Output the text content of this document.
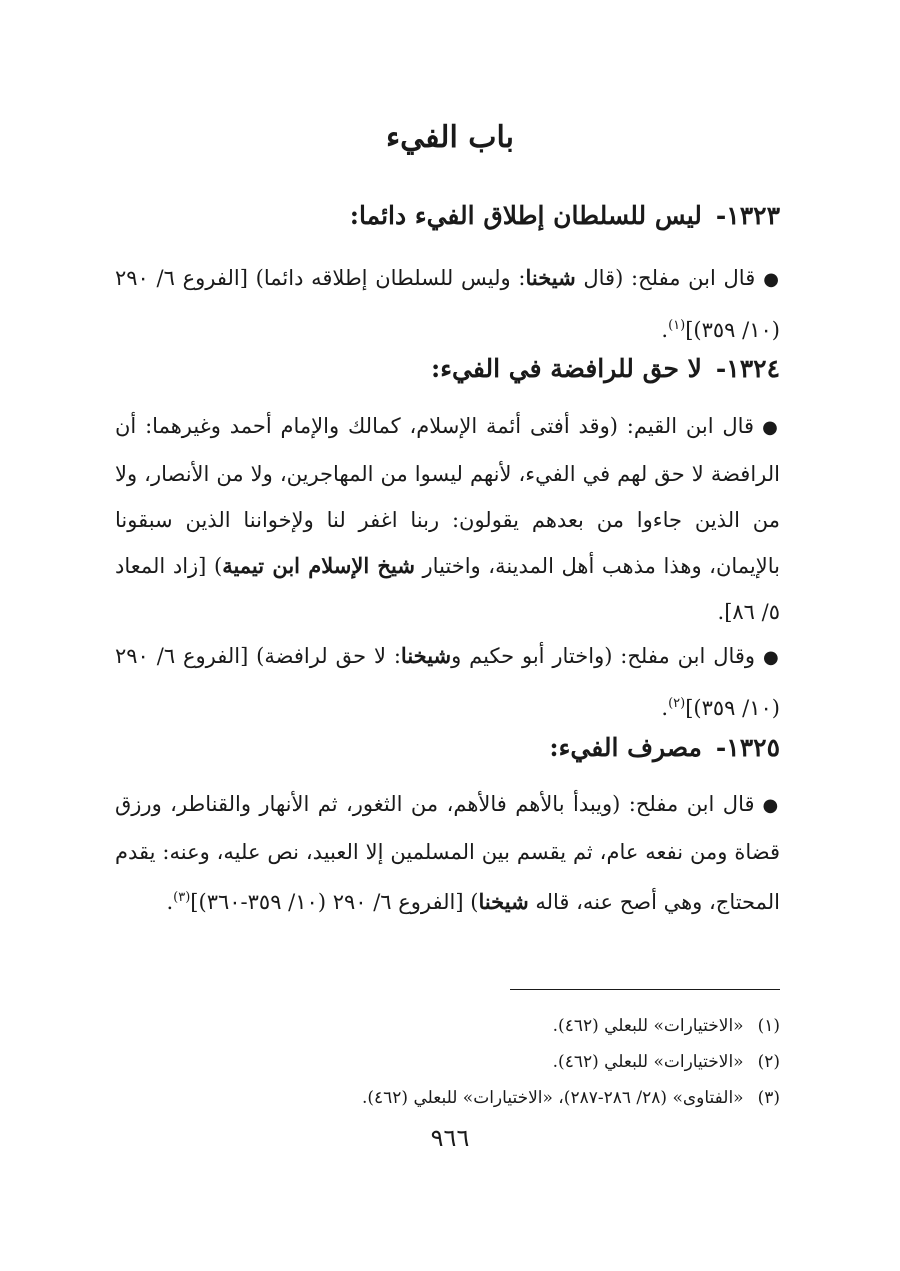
باب الفيء
١٣٢٣-ليس للسلطان إطلاق الفيء دائما:
●قال ابن مفلح: (قال شيخنا: وليس للسلطان إطلاقه دائما) [الفروع ٦/ ٢٩٠ (١٠/ ٣٥٩)]$^{(١)}$.
١٣٢٤-لا حق للرافضة في الفيء:
●قال ابن القيم: (وقد أفتى أئمة الإسلام، كمالك والإمام أحمد وغيرهما: أن الرافضة لا حق لهم في الفيء، لأنهم ليسوا من المهاجرين، ولا من الأنصار، ولا من الذين جاءوا من بعدهم يقولون: ربنا اغفر لنا ولإخواننا الذين سبقونا بالإيمان، وهذا مذهب أهل المدينة، واختيار شيخ الإسلام ابن تيمية) [زاد المعاد ٥/ ٨٦].
●وقال ابن مفلح: (واختار أبو حكيم وشيخنا: لا حق لرافضة) [الفروع ٦/ ٢٩٠ (١٠/ ٣٥٩)]$^{(٢)}$.
١٣٢٥-مصرف الفيء:
●قال ابن مفلح: (ويبدأ بالأهم فالأهم، من الثغور، ثم الأنهار والقناطر، ورزق قضاة ومن نفعه عام، ثم يقسم بين المسلمين إلا العبيد، نص عليه، وعنه: يقدم المحتاج، وهي أصح عنه، قاله شيخنا) [الفروع ٦/ ٢٩٠ (١٠/ ٣٥٩-٣٦٠)]$^{(٣)}$.
(١)«الاختيارات» للبعلي (٤٦٢).
(٢)«الاختيارات» للبعلي (٤٦٢).
(٣)«الفتاوى» (٢٨/ ٢٨٦-٢٨٧)، «الاختيارات» للبعلي (٤٦٢).
٩٦٦
